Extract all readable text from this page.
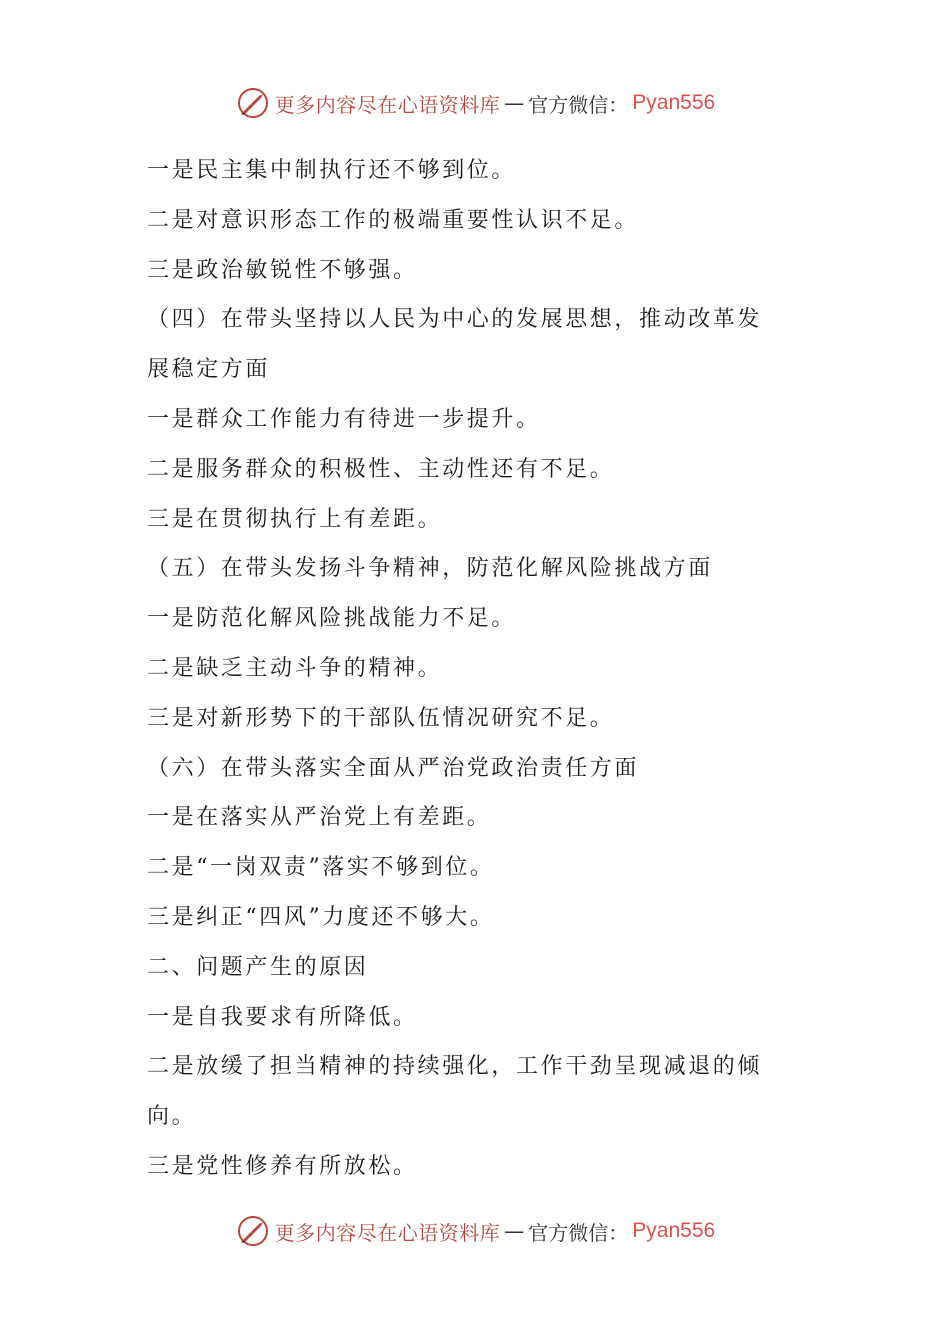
更多内容尽在心语资料库 — 官方微信： Pyan556
一是民主集中制执行还不够到位。
二是对意识形态工作的极端重要性认识不足。
三是政治敏锐性不够强。
（四）在带头坚持以人民为中心的发展思想，推动改革发
展稳定方面
一是群众工作能力有待进一步提升。
二是服务群众的积极性、主动性还有不足。
三是在贯彻执行上有差距。
（五）在带头发扬斗争精神，防范化解风险挑战方面
一是防范化解风险挑战能力不足。
二是缺乏主动斗争的精神。
三是对新形势下的干部队伍情况研究不足。
（六）在带头落实全面从严治党政治责任方面
一是在落实从严治党上有差距。
二是“一岗双责”落实不够到位。
三是纠正“四风”力度还不够大。
二、问题产生的原因
一是自我要求有所降低。
二是放缓了担当精神的持续强化，工作干劲呈现减退的倾
向。
三是党性修养有所放松。
更多内容尽在心语资料库 — 官方微信： Pyan556
